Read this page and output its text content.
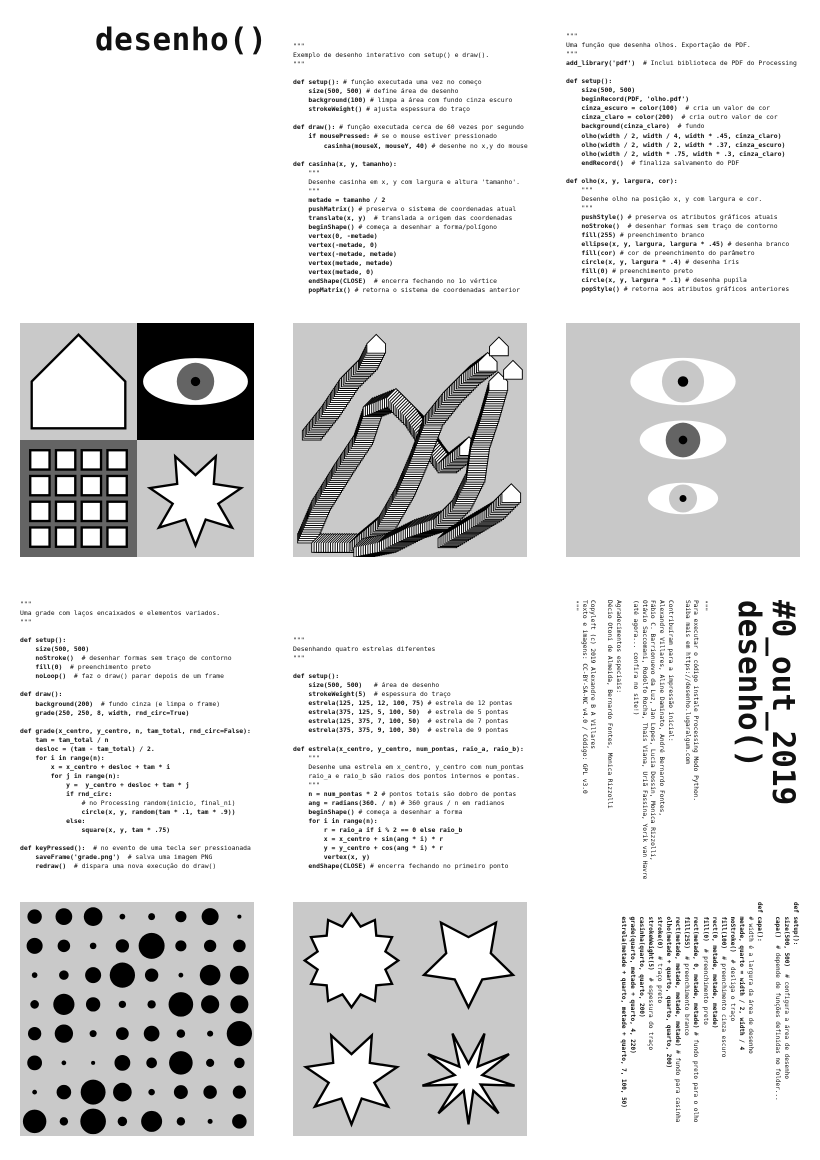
desenho()	"""
Exemplo de desenho interativo com setup() e draw().
"""

def setup(): # função executada uma vez no começo
size(500, 500) # define área de desenho
background(100) # limpa a área com fundo cinza escuro
strokeWeight() # ajusta espessura do traço

def draw(): # função executada cerca de 60 vezes por segundo
if mousePressed: # se o mouse estiver pressionado
casinha(mouseX, mouseY, 40) # desenhe no x,y do mouse

def casinha(x, y, tamanho):
"""
Desenhe casinha em x, y com largura e altura 'tamanho'.
"""
metade = tamanho / 2
pushMatrix() # preserva o sistema de coordenadas atual
translate(x, y)  # translada a origem das coordenadas
beginShape() # começa a desenhar a forma/polígono
vertex(0, -metade)
vertex(-metade, 0)
vertex(-metade, metade)
vertex(metade, metade)
vertex(metade, 0)
endShape(CLOSE)  # encerra fechando no 1o vértice
popMatrix() # retorna o sistema de coordenadas anterior
"""
Uma função que desenha olhos. Exportação de PDF.
"""
add_library('pdf')  # Inclui biblioteca de PDF do Processing

def setup():
size(500, 500)
beginRecord(PDF, 'olho.pdf')
cinza_escuro = color(100)  # cria um valor de cor
cinza_claro = color(200)  # cria outro valor de cor
background(cinza_claro)  # fundo
olho(width / 2, width / 4, width * .45, cinza_claro)
olho(width / 2, width / 2, width * .37, cinza_escuro)
olho(width / 2, width * .75, width * .3, cinza_claro)
endRecord()  # finaliza salvamento do PDF

def olho(x, y, largura, cor):
"""
Desenhe olho na posição x, y com largura e cor.
"""
pushStyle() # preserva os atributos gráficos atuais
noStroke()  # desenhar formas sem traço de contorno
fill(255) # preenchimento branco
ellipse(x, y, largura, largura * .45) # desenha branco
fill(cor) # cor de preenchimento do parâmetro
circle(x, y, largura * .4) # desenha íris
fill(0) # preenchimento preto
circle(x, y, largura * .1) # desenha pupila
popStyle() # retorna aos atributos gráficos anteriores
"""
Uma grade com laços encaixados e elementos variados.
"""

def setup():
size(500, 500)
noStroke()  # desenhar formas sem traço de contorno
fill(0)  # preenchimento preto
noLoop()  # faz o draw() parar depois de um frame

def draw():
background(200)  # fundo cinza (e limpa o frame)
grade(250, 250, 8, width, rnd_circ=True)

def grade(x_centro, y_centro, n, tam_total, rnd_circ=False):
tam = tam_total / n
desloc = (tam - tam_total) / 2.
for i in range(n):
x = x_centro + desloc + tam * i
for j in range(n):
y =  y_centro + desloc + tam * j
if rnd_circ:
# no Processing random(inicio, final_ni)
circle(x, y, random(tam * .1, tam * .9))
else:
square(x, y, tam * .75)

def keyPressed():  # no evento de uma tecla ser pressioanada
saveFrame('grade.png')  # salva uma imagem PNG
redraw()  # dispara uma nova execução do draw()
"""
Desenhando quatro estrelas diferentes
"""

def setup():
size(500, 500)   # área de desenho
strokeWeight(5)  # espessura do traço
estrela(125, 125, 12, 100, 75) # estrela de 12 pontas
estrela(375, 125, 5, 100, 50)  # estrela de 5 pontas
estrela(125, 375, 7, 100, 50)  # estrela de 7 pontas
estrela(375, 375, 9, 100, 30)  # estrela de 9 pontas

def estrela(x_centro, y_centro, num_pontas, raio_a, raio_b):
"""
Desenhe uma estrela em x_centro, y_centro com num_pontas
raio_a e raio_b são raios dos pontos internos e pontas.
"""
n = num_pontas * 2 # pontos totais são dobro de pontas
ang = radians(360. / n) # 360 graus / n em radianos
beginShape() # começa a desenhar a forma
for i in range(n):
r = raio_a if i % 2 == 0 else raio_b
x = x_centro + sin(ang * i) * r
y = y_centro + cos(ang * i) * r
vertex(x, y)
endShape(CLOSE) # encerra fechando no primeiro ponto
#0_out_2019
desenho()
"""
Para executar o código instale Processing Modo Python.
Saiba mais em https://desenho.lugaralgum.com

Contribuíram para a impressão inicial:
Alexandre Villares, Aline Daminato, André Bernardo Fontes,
Fábio C. Barrionuevo da Luz, Jan Lopes, Lucia Dossin, Monica Rizzolli,
Otávio Saccomani, Rodolfo Rocha, Thaís Viana, Uriã Fassina, Yorik van Havre
(até agora... confira no site!)

Agradecimentos especiais:
Décio Otoni de Almeida, Bernardo Fontes, Monica Rizzolli

Copyleft (c) 2019 Alexandre B A Villares
Texto e imagens: CC-BY-SA-NC v4.0 / Código: GPL v3.0
"""
def setup():
size(500, 500)  # configura a área de desenho
capa()  # depende de funções definidas no folder...

def capa():
# width é a largura da área de desenho
metade, quarto = width / 2, width / 4
noStroke()  # desliga o traço
fill(100)  # preenchimento cinza escuro
rect(0, metade, metade, metade)
fill(0)  # preenchimento preto
rect(metade, 0, metade, metade) # fundo preto para o olho
fill(255)  # preenchimento branco
rect(metade, metade, metade, metade) # fundo para casinha
olho(metade + quarto, quarto, quarto, 200)
stroke(0)  # traço preto
strokeWeight(5)  # espessura do traço
casinha(quarto, quarto, 200)
grade(quarto, metade + quarto, 4, 220)
estrela(metade + quarto, metade + quarto, 7, 100, 50)
